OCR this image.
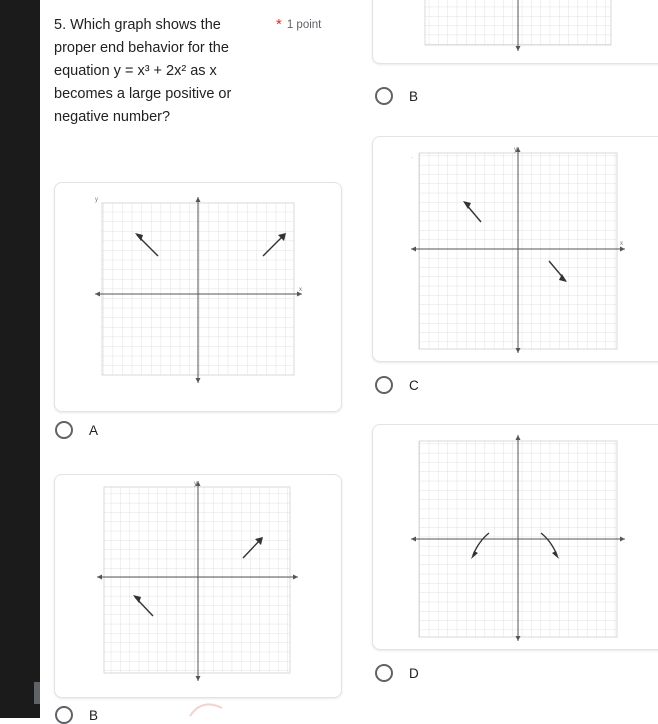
5. Which graph shows the proper end behavior for the equation y = x³ + 2x² as x becomes a large positive or negative number?
* 1 point
x
y
A
y
B
B
x
y
·
C
D
